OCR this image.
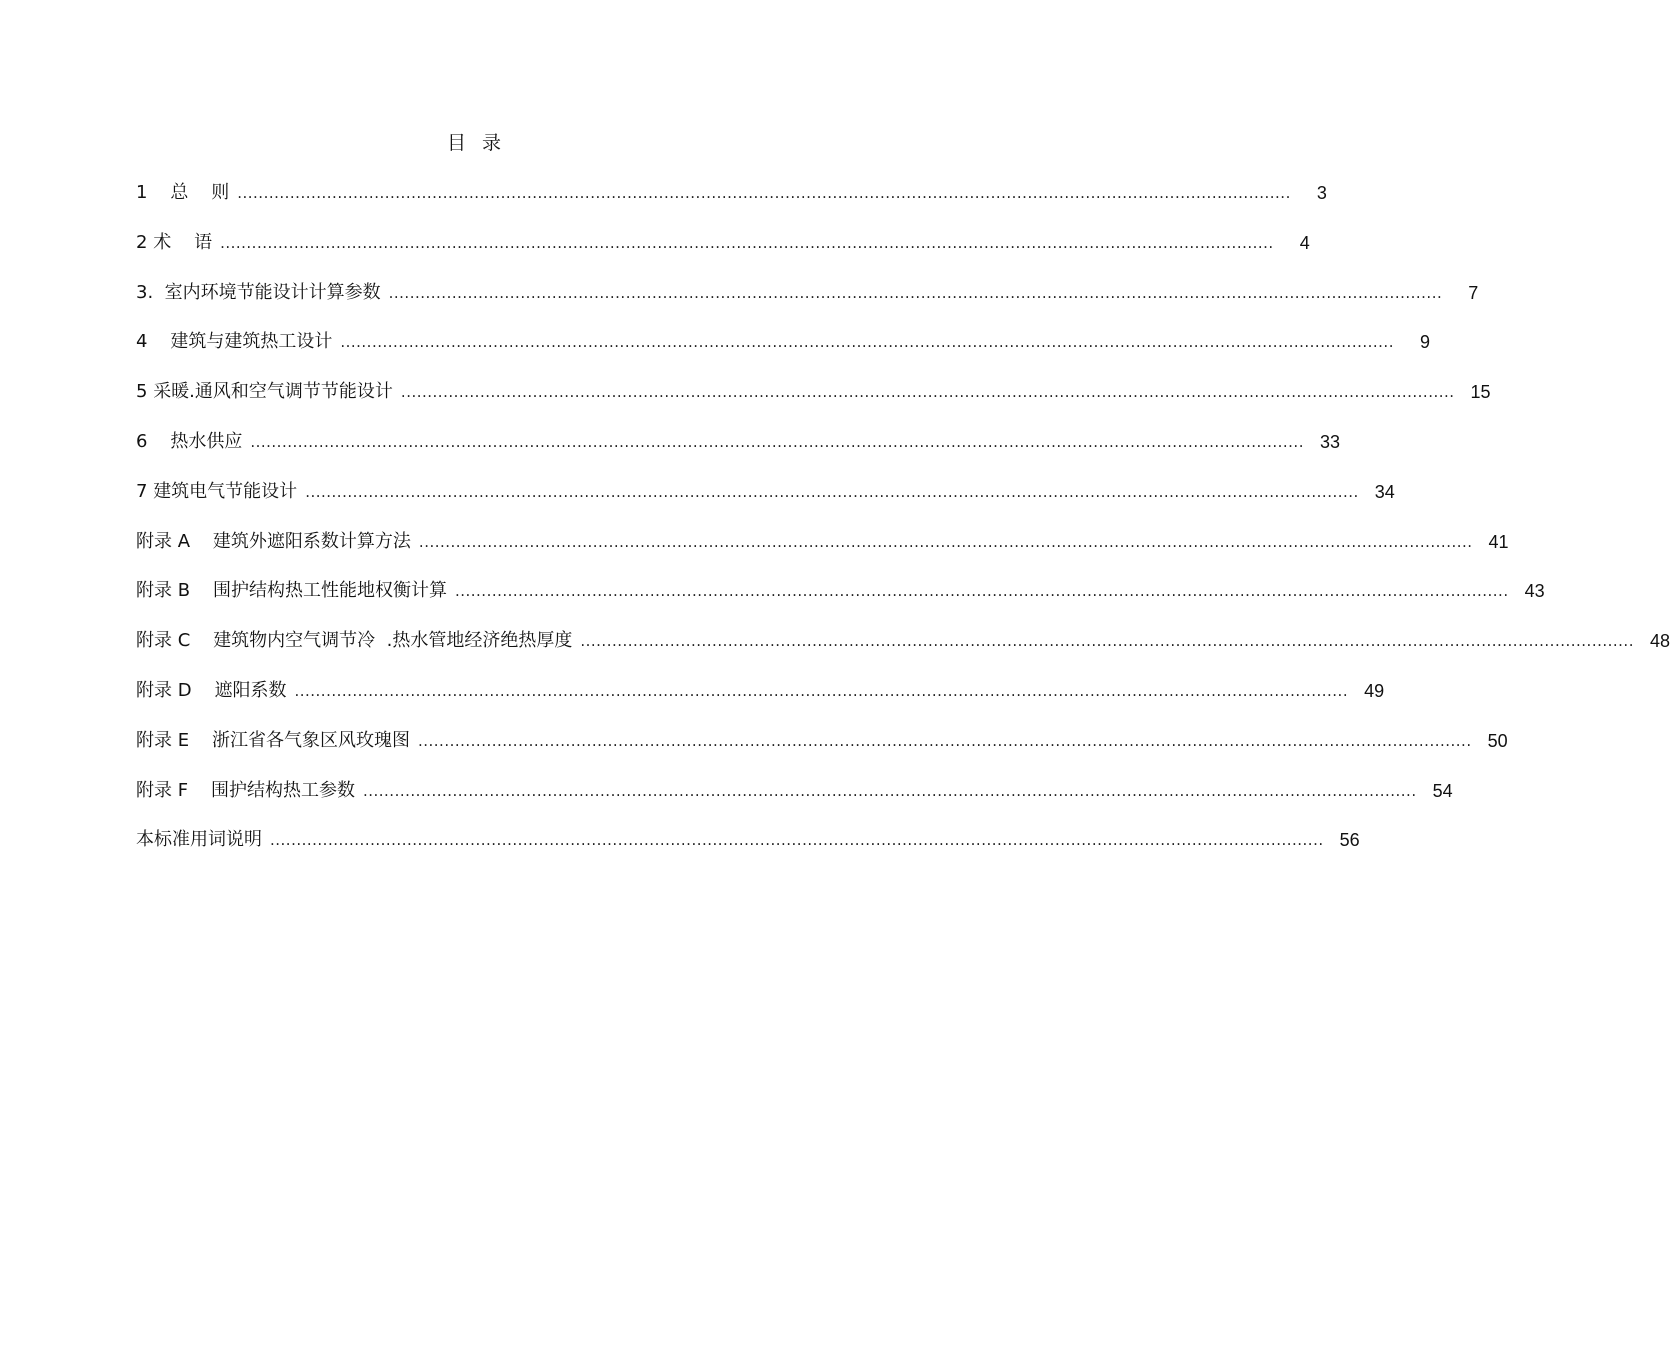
目 录
1 总    则 ........................................................................................................................................................................................................	3
2 术    语 ........................................................................................................................................................................................................	4
3. 室内环境节能设计计算参数 ........................................................................................................................................................................................................	7
4 建筑与建筑热工设计 ........................................................................................................................................................................................................	9
5 采暖.通风和空气调节节能设计 ........................................................................................................................................................................................................ 15
6 热水供应 ........................................................................................................................................................................................................ 33
7 建筑电气节能设计 ........................................................................................................................................................................................................ 34
附录 A 建筑外遮阳系数计算方法 ........................................................................................................................................................................................................ 41
附录 B 围护结构热工性能地权衡计算 ........................................................................................................................................................................................................ 43
附录 C 建筑物内空气调节冷  .热水管地经济绝热厚度 ........................................................................................................................................................................................................ 48
附录 D 遮阳系数 ........................................................................................................................................................................................................ 49
附录 E 浙江省各气象区风玫瑰图 ........................................................................................................................................................................................................ 50
附录 F 围护结构热工参数 ........................................................................................................................................................................................................ 54
本标准用词说明 ........................................................................................................................................................................................................ 56
